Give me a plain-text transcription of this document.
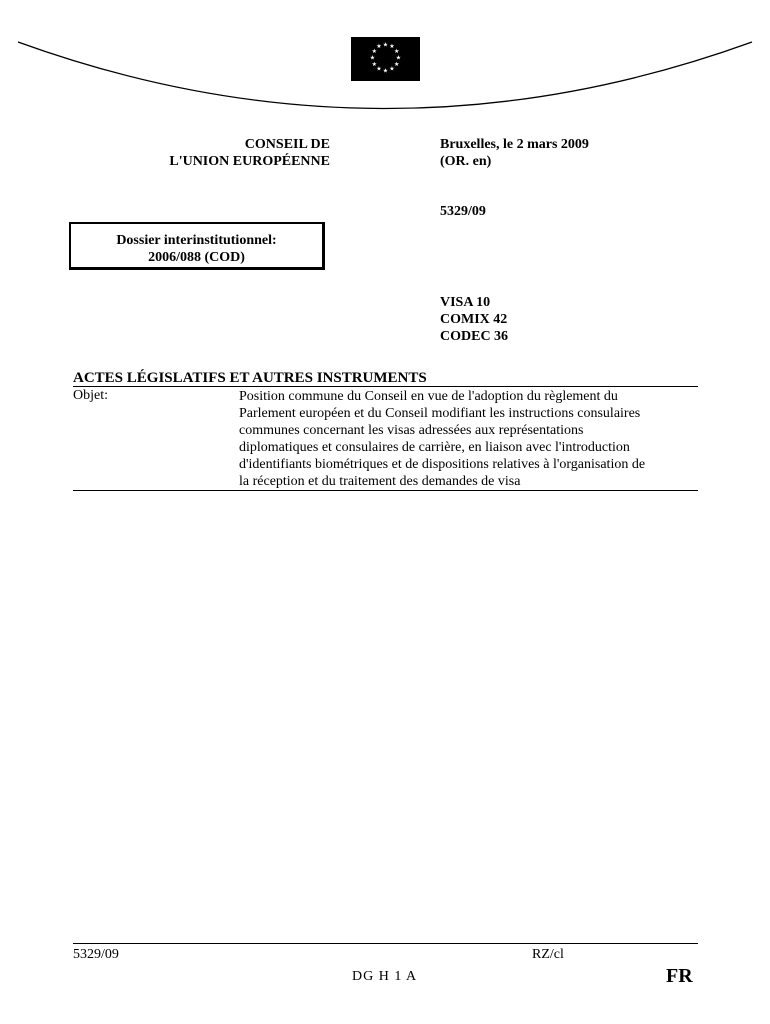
★ ★
★
★
★
★
★
★
★
★
★
★
CONSEIL DE
L'UNION EUROPÉENNE
Bruxelles, le 2 mars 2009
(OR. en)
5329/09
Dossier interinstitutionnel:
2006/088 (COD)
VISA 10
COMIX 42
CODEC 36
ACTES LÉGISLATIFS ET AUTRES INSTRUMENTS
Objet:	Position commune du Conseil en vue de l'adoption du règlement du
Parlement européen et du Conseil modifiant les instructions consulaires
communes concernant les visas adressées aux représentations
diplomatiques et consulaires de carrière, en liaison avec l'introduction
d'identifiants biométriques et de dispositions relatives à l'organisation de
la réception et du traitement des demandes de visa
5329/09	RZ/cl
DG H 1 A	FR
